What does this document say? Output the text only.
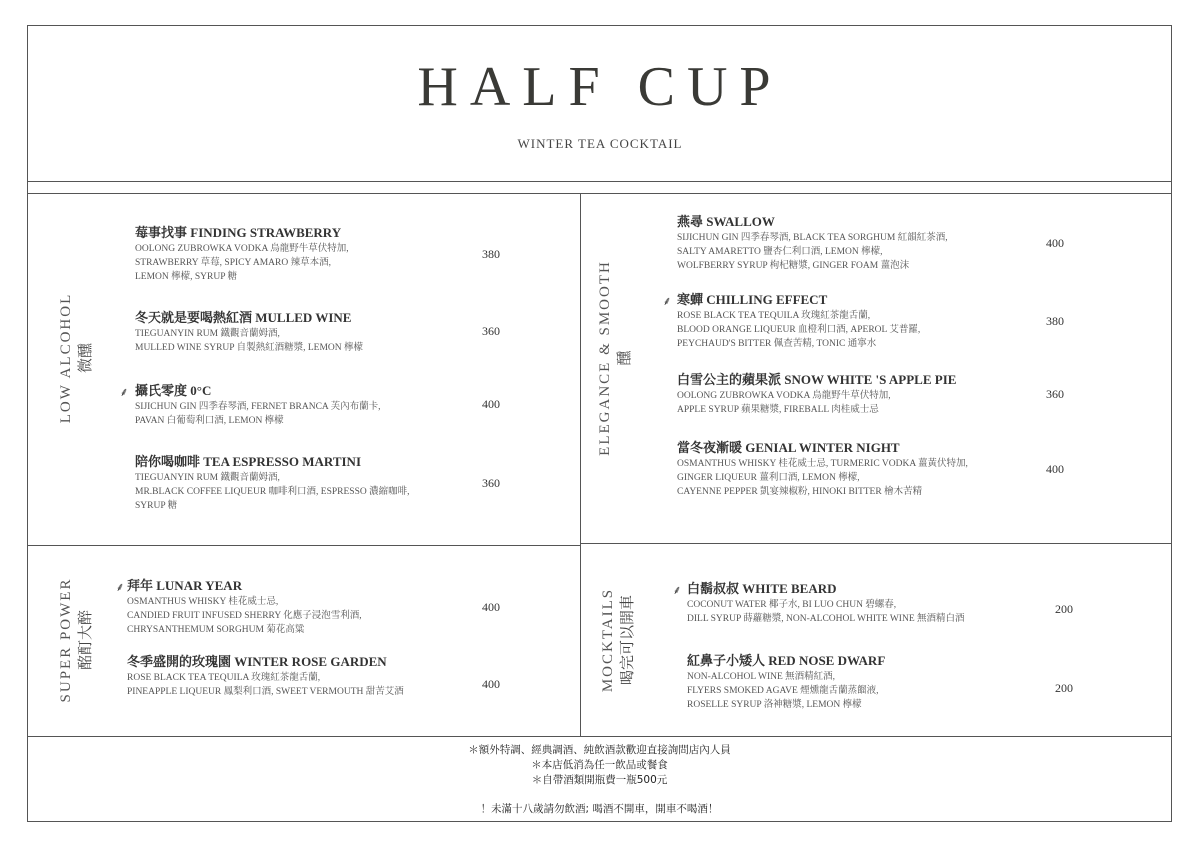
HALF CUP
WINTER TEA COCKTAIL
LOW ALCOHOL 微醺
莓事找事 FINDING STRAWBERRY
OOLONG ZUBROWKA VODKA 烏龍野牛草伏特加,
STRAWBERRY 草莓, SPICY AMARO 辣草本酒,
LEMON 檸檬, SYRUP 糖
380
冬天就是要喝熱紅酒 MULLED WINE
TIEGUANYIN RUM 鐵觀音蘭姆酒,
MULLED WINE SYRUP 自製熱紅酒糖漿, LEMON 檸檬
360
⸙ 攝氏零度 0°C
SIJICHUN GIN 四季春琴酒, FERNET BRANCA 芙內布蘭卡,
PAVAN 白葡萄利口酒, LEMON 檸檬
400
陪你喝咖啡 TEA ESPRESSO MARTINI
TIEGUANYIN RUM 鐵觀音蘭姆酒,
MR.BLACK COFFEE LIQUEUR 咖啡利口酒, ESPRESSO 濃縮咖啡,
SYRUP 糖
360
ELEGANCE & SMOOTH 醺
燕尋 SWALLOW
SIJICHUN GIN 四季春琴酒, BLACK TEA SORGHUM 紅韻紅茶酒,
SALTY AMARETTO 鹽杏仁利口酒, LEMON 檸檬,
WOLFBERRY SYRUP 枸杞糖漿, GINGER FOAM 薑泡沫
400
⸙ 寒蟬 CHILLING EFFECT
ROSE BLACK TEA TEQUILA 玫瑰紅茶龍舌蘭,
BLOOD ORANGE LIQUEUR 血橙利口酒, APEROL 艾普羅,
PEYCHAUD'S BITTER 佩查苦精, TONIC 通寧水
380
白雪公主的蘋果派 SNOW WHITE 'S APPLE PIE
OOLONG ZUBROWKA VODKA 烏龍野牛草伏特加,
APPLE SYRUP 蘋果糖漿, FIREBALL 肉桂威士忌
360
當冬夜漸暖 GENIAL WINTER NIGHT
OSMANTHUS WHISKY 桂花威士忌, TURMERIC VODKA 薑黃伏特加,
GINGER LIQUEUR 薑利口酒, LEMON 檸檬,
CAYENNE PEPPER 凱宴辣椒粉, HINOKI BITTER 檜木苦精
400
SUPER POWER 酩酊大醉
⸙ 拜年 LUNAR YEAR
OSMANTHUS WHISKY 桂花威士忌,
CANDIED FRUIT INFUSED SHERRY 化應子浸泡雪利酒,
CHRYSANTHEMUM SORGHUM 菊花高粱
400
冬季盛開的玫瑰園 WINTER ROSE GARDEN
ROSE BLACK TEA TEQUILA 玫瑰紅茶龍舌蘭,
PINEAPPLE LIQUEUR 鳳梨利口酒, SWEET VERMOUTH 甜苦艾酒
400	MOCKTAILS 喝完可以開車
⸙ 白鬍叔叔 WHITE BEARD
COCONUT WATER 椰子水, BI LUO CHUN 碧螺春,
DILL SYRUP 蒔蘿糖漿, NON-ALCOHOL WHITE WINE 無酒精白酒
200
紅鼻子小矮人 RED NOSE DWARF
NON-ALCOHOL WINE 無酒精紅酒,
FLYERS SMOKED AGAVE 煙燻龍舌蘭蒸餾液,
ROSELLE SYRUP 洛神糖漿, LEMON 檸檬
200
＊額外特調、經典調酒、純飲酒款歡迎直接詢問店內人員
＊本店低消為任一飲品或餐食
＊自帶酒類開瓶費一瓶500元
！未滿十八歲請勿飲酒; 喝酒不開車，開車不喝酒！
